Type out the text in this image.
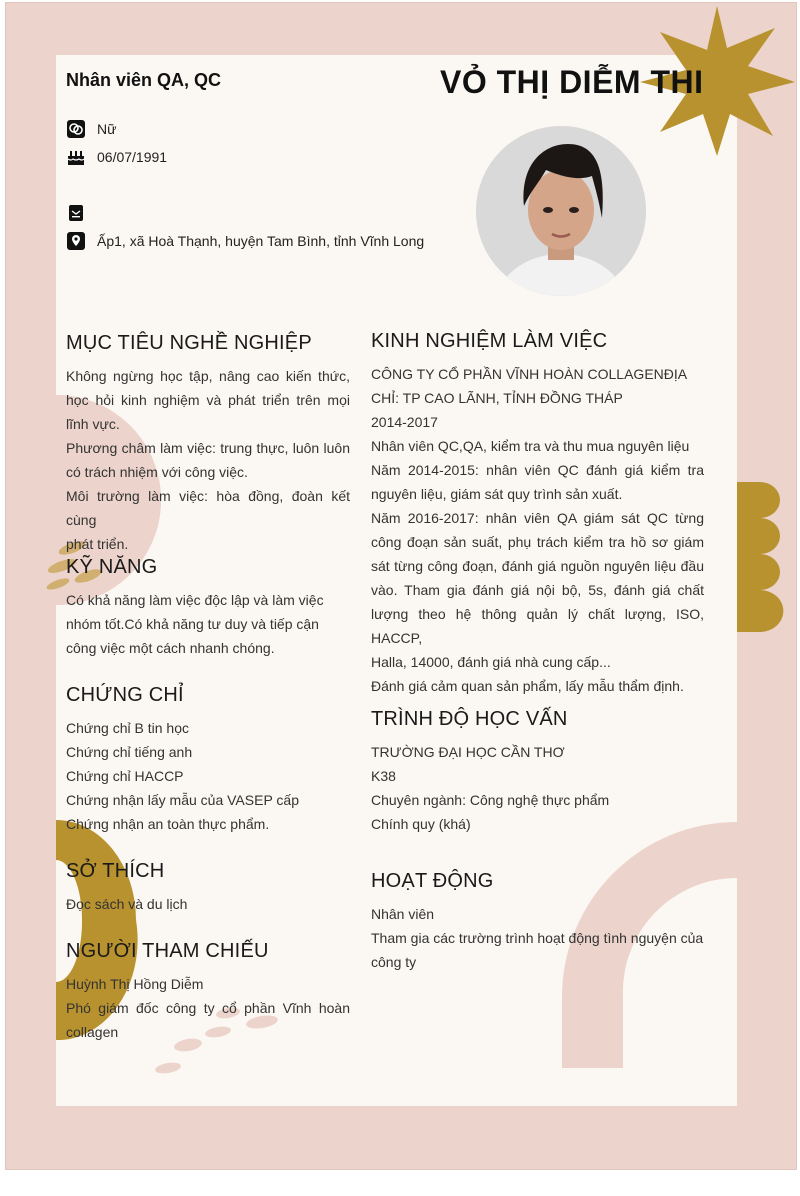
Nhân viên QA, QC	VỎ THỊ DIỄM THI
Nữ
06/07/1991
Ấp1, xã Hoà Thạnh, huyện Tam Bình, tỉnh Vĩnh Long
MỤC TIÊU NGHỀ NGHIỆP
Không ngừng học tập, nâng cao kiến thức,
học hỏi kinh nghiệm và phát triển trên mọi
lĩnh vực.
Phương châm làm việc: trung thực, luôn luôn
có trách nhiệm với công việc.
Môi trường làm việc: hòa đồng, đoàn kết cùng
phát triển.
KỸ NĂNG
Có khả năng làm việc độc lập và làm việc
nhóm tốt.Có khả năng tư duy và tiếp cận
công việc một cách nhanh chóng.
CHỨNG CHỈ
Chứng chỉ B tin học
Chứng chỉ tiếng anh
Chứng chỉ HACCP
Chứng nhận lấy mẫu của VASEP cấp
Chứng nhận an toàn thực phẩm.
SỞ THÍCH
Đọc sách và du lịch
NGƯỜI THAM CHIẾU
Huỳnh Thị Hồng Diễm
Phó giám đốc công ty cổ phần Vĩnh hoàn
collagen
KINH NGHIỆM LÀM VIỆC
CÔNG TY CỔ PHẦN VĨNH HOÀN COLLAGENĐỊA
CHỈ: TP CAO LÃNH, TỈNH ĐỒNG THÁP
2014-2017
Nhân viên QC,QA, kiểm tra và thu mua nguyên liệu
Năm 2014-2015: nhân viên QC đánh giá kiểm tra
nguyên liệu, giám sát quy trình sản xuất.
Năm 2016-2017: nhân viên QA giám sát QC từng
công đoạn sản suất, phụ trách kiểm tra hồ sơ giám
sát từng công đoạn, đánh giá nguồn nguyên liệu đầu
vào. Tham gia đánh giá nội bộ, 5s, đánh giá chất
lượng theo hệ thông quản lý chất lượng, ISO, HACCP,
Halla, 14000, đánh giá nhà cung cấp...
Đánh giá cảm quan sản phẩm, lấy mẫu thẩm định.
TRÌNH ĐỘ HỌC VẤN
TRƯỜNG ĐẠI HỌC CẦN THƠ
K38
Chuyên ngành: Công nghệ thực phẩm
Chính quy (khá)
HOẠT ĐỘNG
Nhân viên
Tham gia các trường trình hoạt động tình nguyện của
công ty
